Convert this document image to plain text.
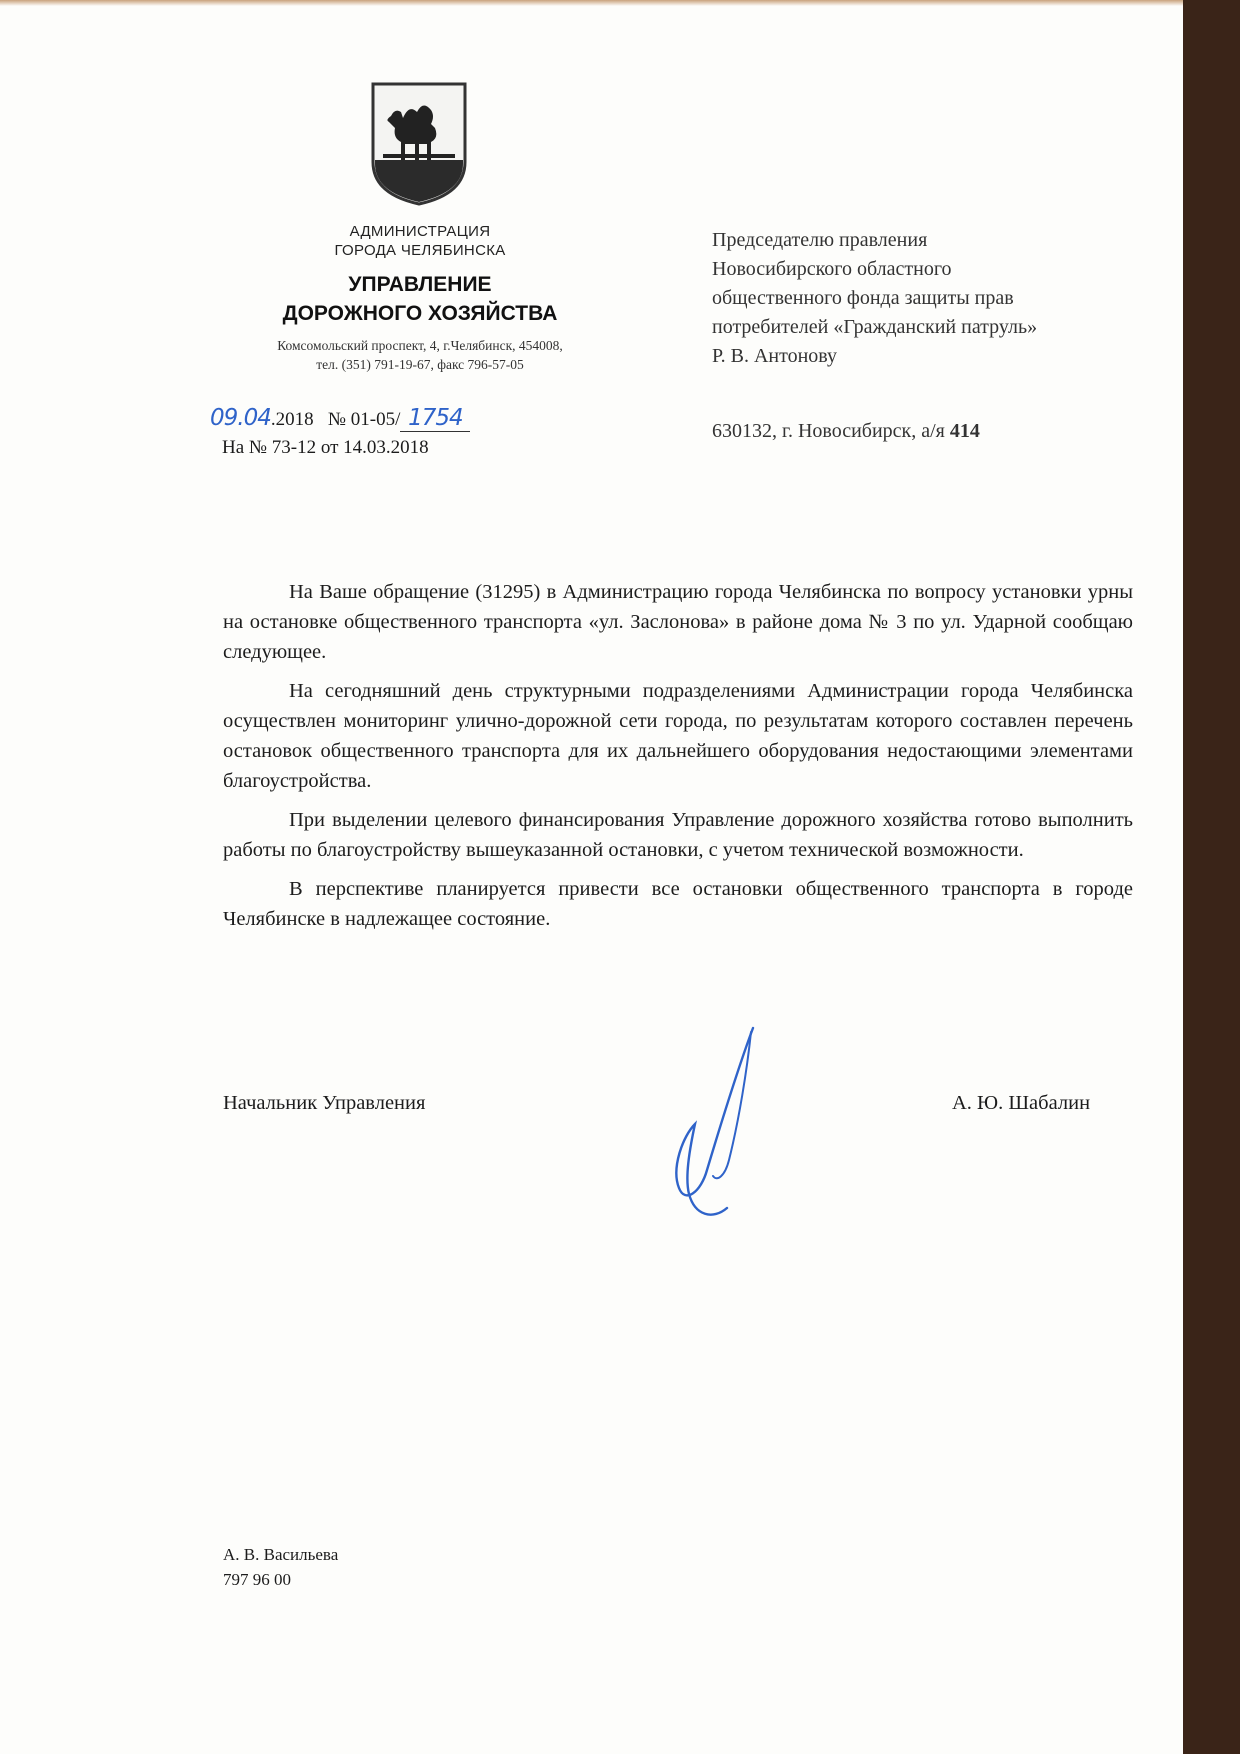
АДМИНИСТРАЦИЯ
ГОРОДА ЧЕЛЯБИНСКА
УПРАВЛЕНИЕ
ДОРОЖНОГО ХОЗЯЙСТВА
Комсомольский проспект, 4, г.Челябинск, 454008,
тел. (351) 791-19-67, факс 796-57-05
09.04.2018 № 01-05/ 1754
На № 73-12 от 14.03.2018
Председателю правления
Новосибирского областного
общественного фонда защиты прав
потребителей «Гражданский патруль»
Р. В. Антонову
630132, г. Новосибирск, а/я 414

На Ваше обращение (31295) в Администрацию города Челябинска по вопросу установки урны на остановке общественного транспорта «ул. Заслонова» в районе дома № 3 по ул. Ударной сообщаю следующее.

На сегодняшний день структурными подразделениями Администрации города Челябинска осуществлен мониторинг улично-дорожной сети города, по результатам которого составлен перечень остановок общественного транспорта для их дальнейшего оборудования недостающими элементами благоустройства.

При выделении целевого финансирования Управление дорожного хозяйства готово выполнить работы по благоустройству вышеуказанной остановки, с учетом технической возможности.

В перспективе планируется привести все остановки общественного транспорта в городе Челябинске в надлежащее состояние.

Начальник Управления	А. Ю. Шабалин
А. В. Васильева
797 96 00
